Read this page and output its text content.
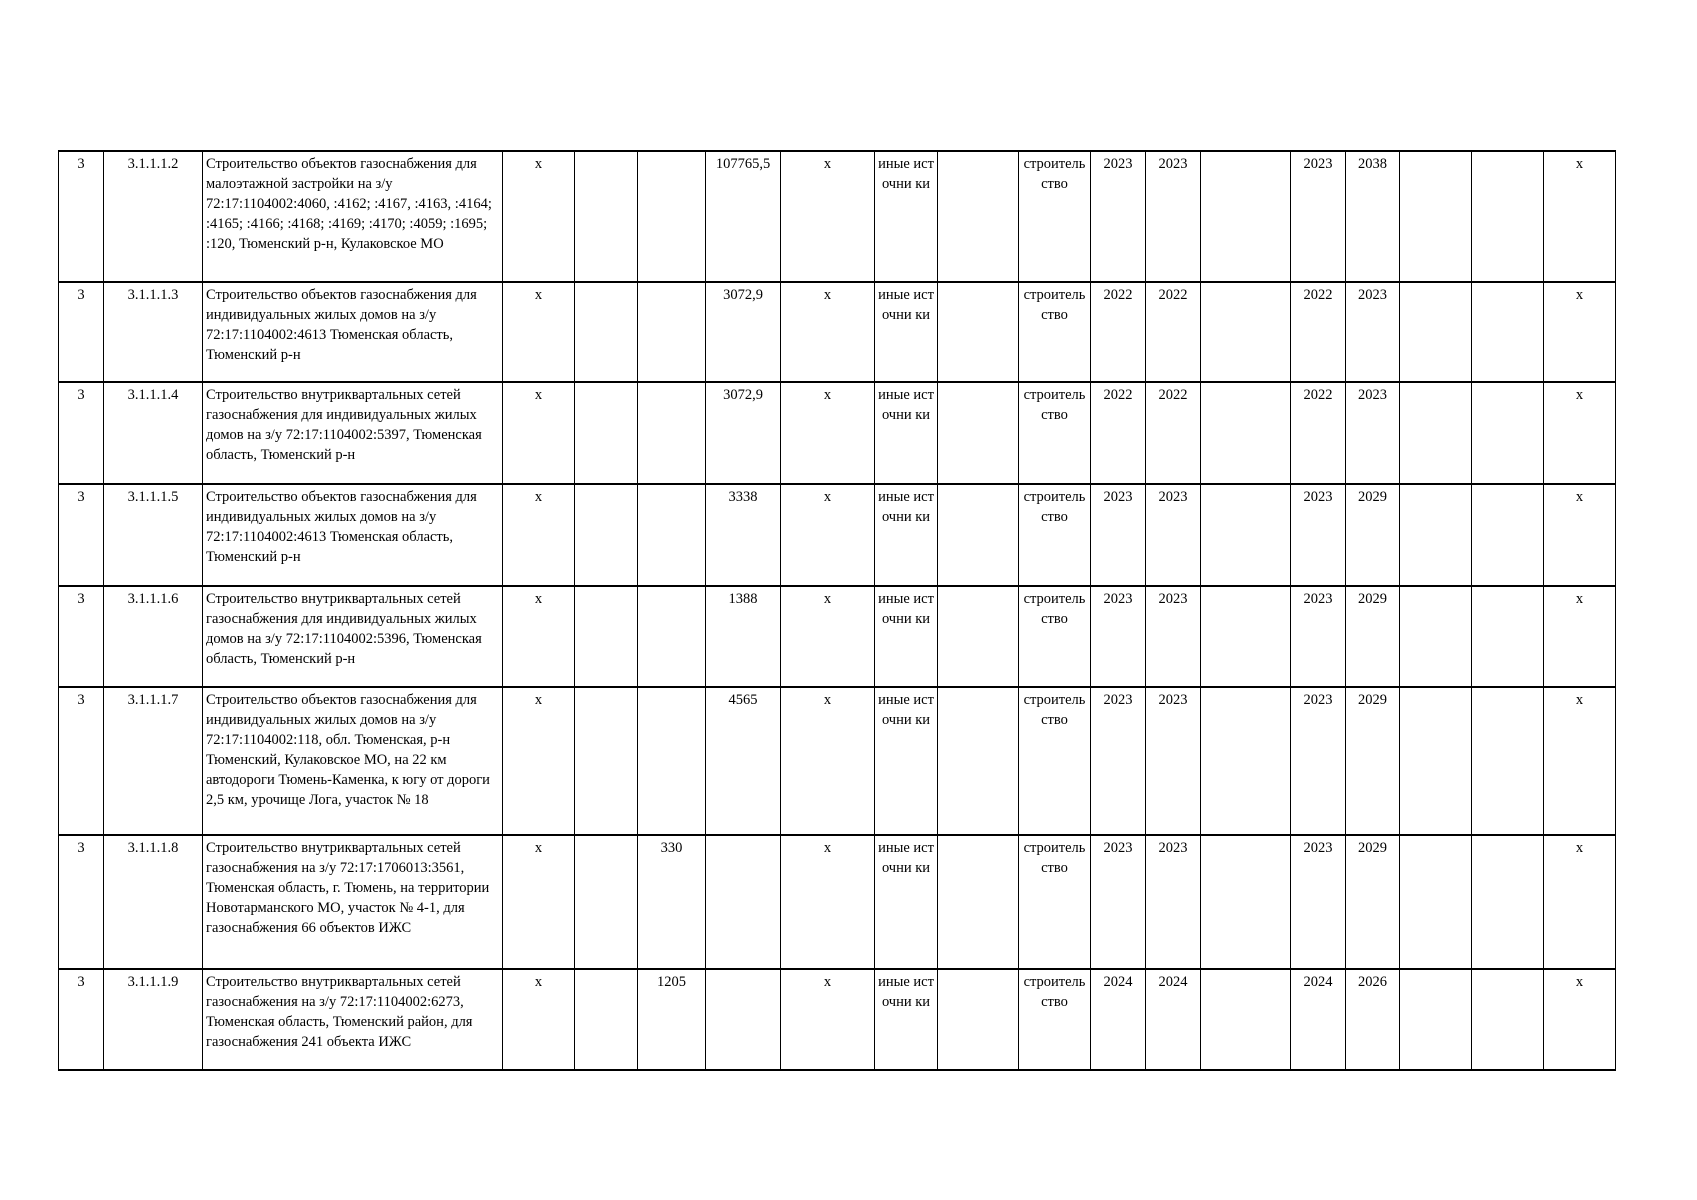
3	3.1.1.1.2	Строительство объектов газоснабжения для малоэтажной застройки на з/у 72:17:1104002:4060, :4162; :4167, :4163, :4164; :4165; :4166; :4168; :4169; :4170; :4059; :1695; :120, Тюменский р-н, Кулаковское МО	х			107765,5	х	иные источни ки		строитель ство	2023	2023		2023	2038			х
3	3.1.1.1.3	Строительство объектов газоснабжения для индивидуальных жилых домов на з/у 72:17:1104002:4613 Тюменская область, Тюменский р-н	х			3072,9	х	иные источни ки		строитель ство	2022	2022		2022	2023			х
3	3.1.1.1.4	Строительство внутриквартальных сетей газоснабжения для индивидуальных жилых домов на з/у 72:17:1104002:5397, Тюменская область, Тюменский р-н	х			3072,9	х	иные источни ки		строитель ство	2022	2022		2022	2023			х
3	3.1.1.1.5	Строительство объектов газоснабжения для индивидуальных жилых домов на з/у 72:17:1104002:4613 Тюменская область, Тюменский р-н	х			3338	х	иные источни ки		строитель ство	2023	2023		2023	2029			х
3	3.1.1.1.6	Строительство внутриквартальных сетей газоснабжения для индивидуальных жилых домов на з/у 72:17:1104002:5396, Тюменская область, Тюменский р-н	х			1388	х	иные источни ки		строитель ство	2023	2023		2023	2029			х
3	3.1.1.1.7	Строительство объектов газоснабжения для индивидуальных жилых домов на з/у 72:17:1104002:118, обл. Тюменская, р-н Тюменский, Кулаковское МО, на 22 км автодороги Тюмень-Каменка, к югу от дороги 2,5 км, урочище Лога, участок № 18	х			4565	х	иные источни ки		строитель ство	2023	2023		2023	2029			х
3	3.1.1.1.8	Строительство внутриквартальных сетей газоснабжения на з/у 72:17:1706013:3561, Тюменская область, г. Тюмень, на территории Новотарманского МО, участок № 4-1, для газоснабжения 66 объектов ИЖС	х		330		х	иные источни ки		строитель ство	2023	2023		2023	2029			х
3	3.1.1.1.9	Строительство внутриквартальных сетей газоснабжения на з/у 72:17:1104002:6273, Тюменская область, Тюменский район, для газоснабжения 241 объекта ИЖС	х		1205		х	иные источни ки		строитель ство	2024	2024		2024	2026			х
